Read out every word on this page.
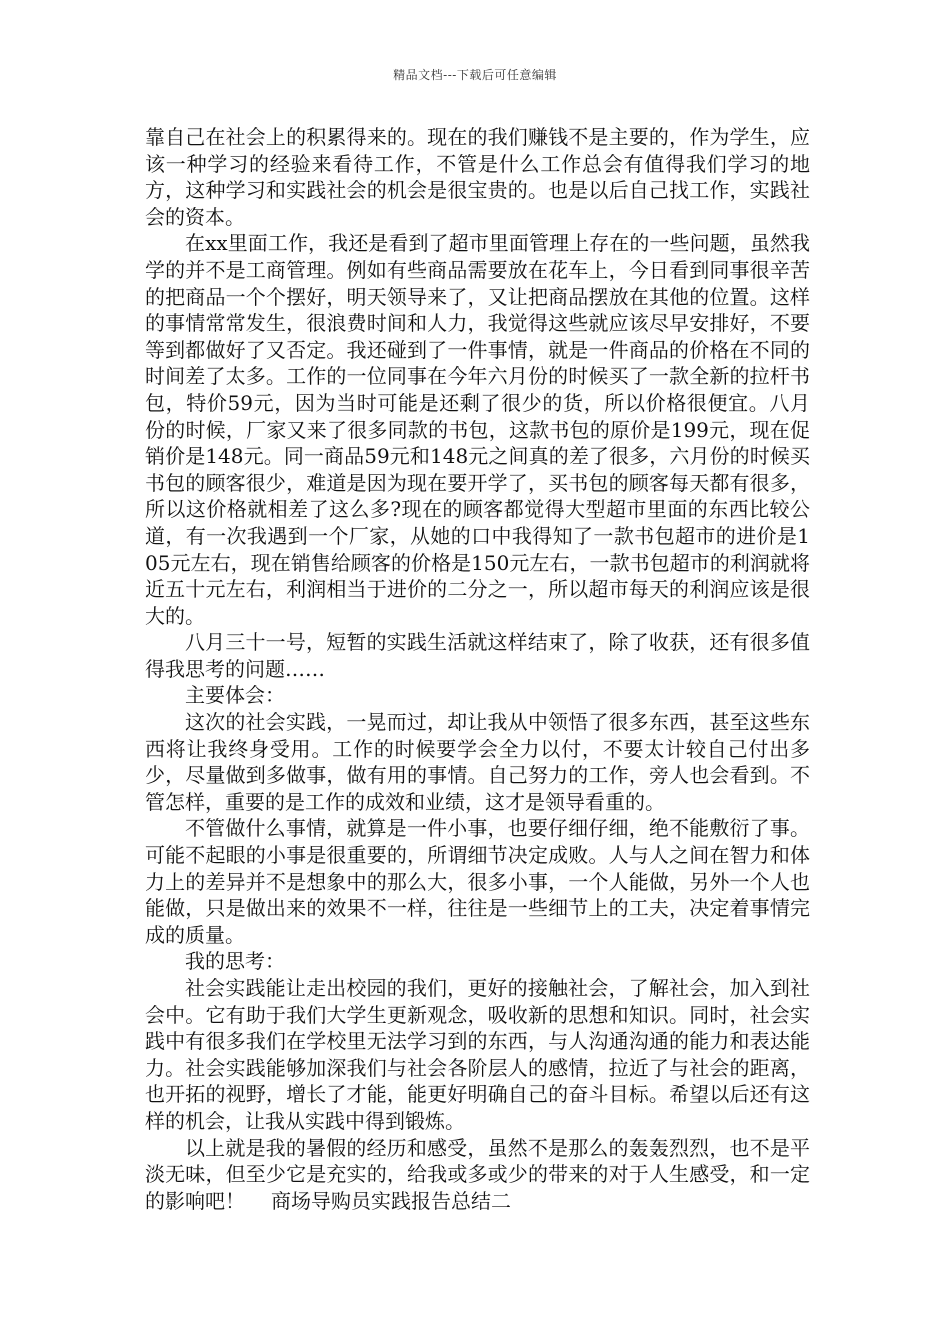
精品文档---下载后可任意编辑

靠自己在社会上的积累得来的。现在的我们赚钱不是主要的，作为学生，应该一种学习的经验来看待工作，不管是什么工作总会有值得我们学习的地方，这种学习和实践社会的机会是很宝贵的。也是以后自己找工作，实践社会的资本。

在xx里面工作，我还是看到了超市里面管理上存在的一些问题，虽然我学的并不是工商管理。例如有些商品需要放在花车上，今日看到同事很辛苦的把商品一个个摆好，明天领导来了，又让把商品摆放在其他的位置。这样的事情常常发生，很浪费时间和人力，我觉得这些就应该尽早安排好，不要等到都做好了又否定。我还碰到了一件事情，就是一件商品的价格在不同的时间差了太多。工作的一位同事在今年六月份的时候买了一款全新的拉杆书包，特价59元，因为当时可能是还剩了很少的货，所以价格很便宜。八月份的时候，厂家又来了很多同款的书包，这款书包的原价是199元，现在促销价是148元。同一商品59元和148元之间真的差了很多，六月份的时候买书包的顾客很少，难道是因为现在要开学了，买书包的顾客每天都有很多，所以这价格就相差了这么多?现在的顾客都觉得大型超市里面的东西比较公道，有一次我遇到一个厂家，从她的口中我得知了一款书包超市的进价是105元左右，现在销售给顾客的价格是150元左右，一款书包超市的利润就将近五十元左右，利润相当于进价的二分之一，所以超市每天的利润应该是很大的。

八月三十一号，短暂的实践生活就这样结束了，除了收获，还有很多值得我思考的问题……

主要体会：

这次的社会实践，一晃而过，却让我从中领悟了很多东西，甚至这些东西将让我终身受用。工作的时候要学会全力以付，不要太计较自己付出多少，尽量做到多做事，做有用的事情。自己努力的工作，旁人也会看到。不管怎样，重要的是工作的成效和业绩，这才是领导看重的。

不管做什么事情，就算是一件小事，也要仔细仔细，绝不能敷衍了事。可能不起眼的小事是很重要的，所谓细节决定成败。人与人之间在智力和体力上的差异并不是想象中的那么大，很多小事，一个人能做，另外一个人也能做，只是做出来的效果不一样，往往是一些细节上的工夫，决定着事情完成的质量。

我的思考：

社会实践能让走出校园的我们，更好的接触社会，了解社会，加入到社会中。它有助于我们大学生更新观念，吸收新的思想和知识。同时，社会实践中有很多我们在学校里无法学习到的东西，与人沟通沟通的能力和表达能力。社会实践能够加深我们与社会各阶层人的感情，拉近了与社会的距离，也开拓的视野，增长了才能，能更好明确自己的奋斗目标。希望以后还有这样的机会，让我从实践中得到锻炼。

以上就是我的暑假的经历和感受，虽然不是那么的轰轰烈烈，也不是平淡无味，但至少它是充实的，给我或多或少的带来的对于人生感受，和一定的影响吧！ 商场导购员实践报告总结二
